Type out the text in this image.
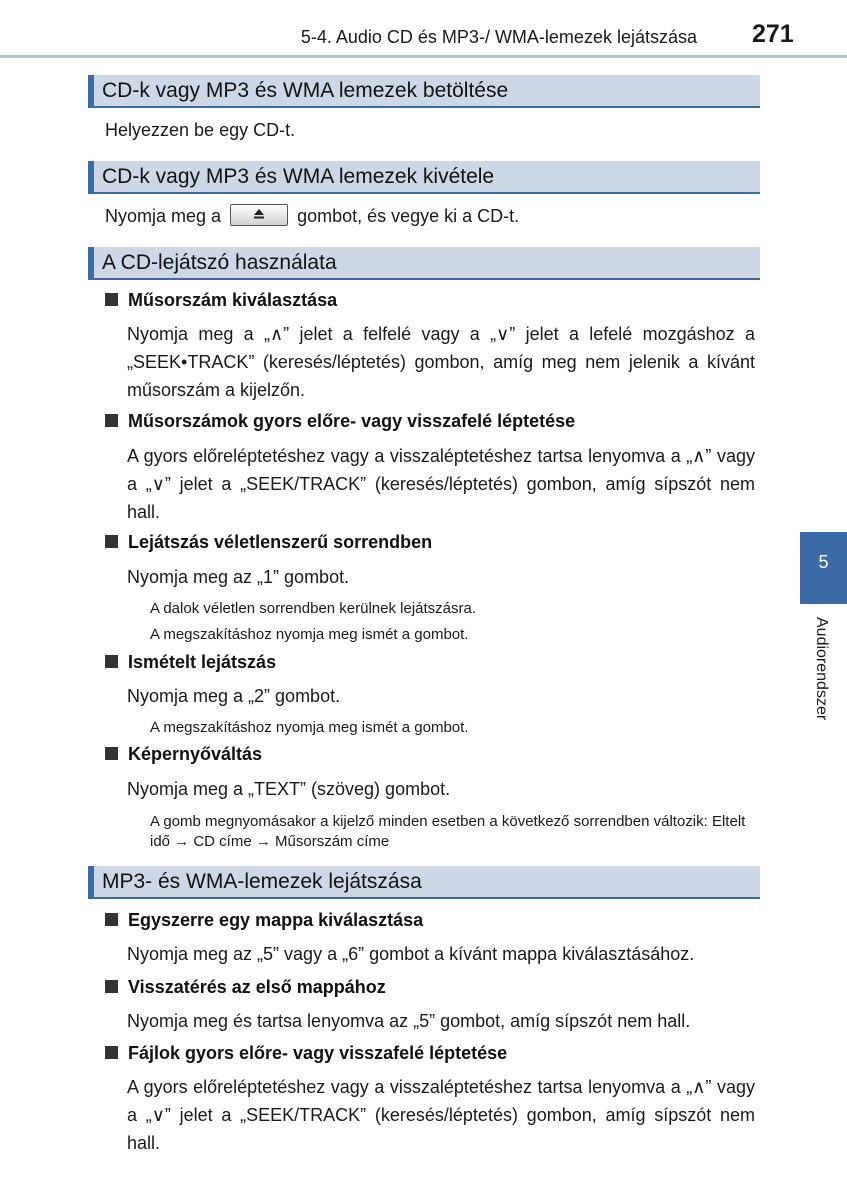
5-4. Audio CD és MP3-/ WMA-lemezek lejátszása 271
CD-k vagy MP3 és WMA lemezek betöltése
Helyezzen be egy CD-t.
CD-k vagy MP3 és WMA lemezek kivétele
Nyomja meg a	gombot, és vegye ki a CD-t.
A CD-lejátszó használata
Műsorszám kiválasztása
Nyomja meg a „∧” jelet a felfelé vagy a „∨” jelet a lefelé mozgáshoz a „SEEK•TRACK” (keresés/léptetés) gombon, amíg meg nem jelenik a kívánt műsorszám a kijelzőn.
Műsorszámok gyors előre- vagy visszafelé léptetése
A gyors előreléptetéshez vagy a visszaléptetéshez tartsa lenyomva a „∧” vagy a „∨” jelet a „SEEK/TRACK” (keresés/léptetés) gombon, amíg sípszót nem hall.
Lejátszás véletlenszerű sorrendben
Nyomja meg az „1” gombot.
A dalok véletlen sorrendben kerülnek lejátszásra.
A megszakításhoz nyomja meg ismét a gombot.
Ismételt lejátszás
Nyomja meg a „2” gombot.
A megszakításhoz nyomja meg ismét a gombot.
Képernyőváltás
Nyomja meg a „TEXT” (szöveg) gombot.
A gomb megnyomásakor a kijelző minden esetben a következő sorrendben változik: Eltelt idő → CD címe → Műsorszám címe
MP3- és WMA-lemezek lejátszása
Egyszerre egy mappa kiválasztása
Nyomja meg az „5” vagy a „6” gombot a kívánt mappa kiválasztásához.
Visszatérés az első mappához
Nyomja meg és tartsa lenyomva az „5” gombot, amíg sípszót nem hall.
Fájlok gyors előre- vagy visszafelé léptetése
A gyors előreléptetéshez vagy a visszaléptetéshez tartsa lenyomva a „∧” vagy a „∨” jelet a „SEEK/TRACK” (keresés/léptetés) gombon, amíg sípszót nem hall.
5
Audiorendszer
